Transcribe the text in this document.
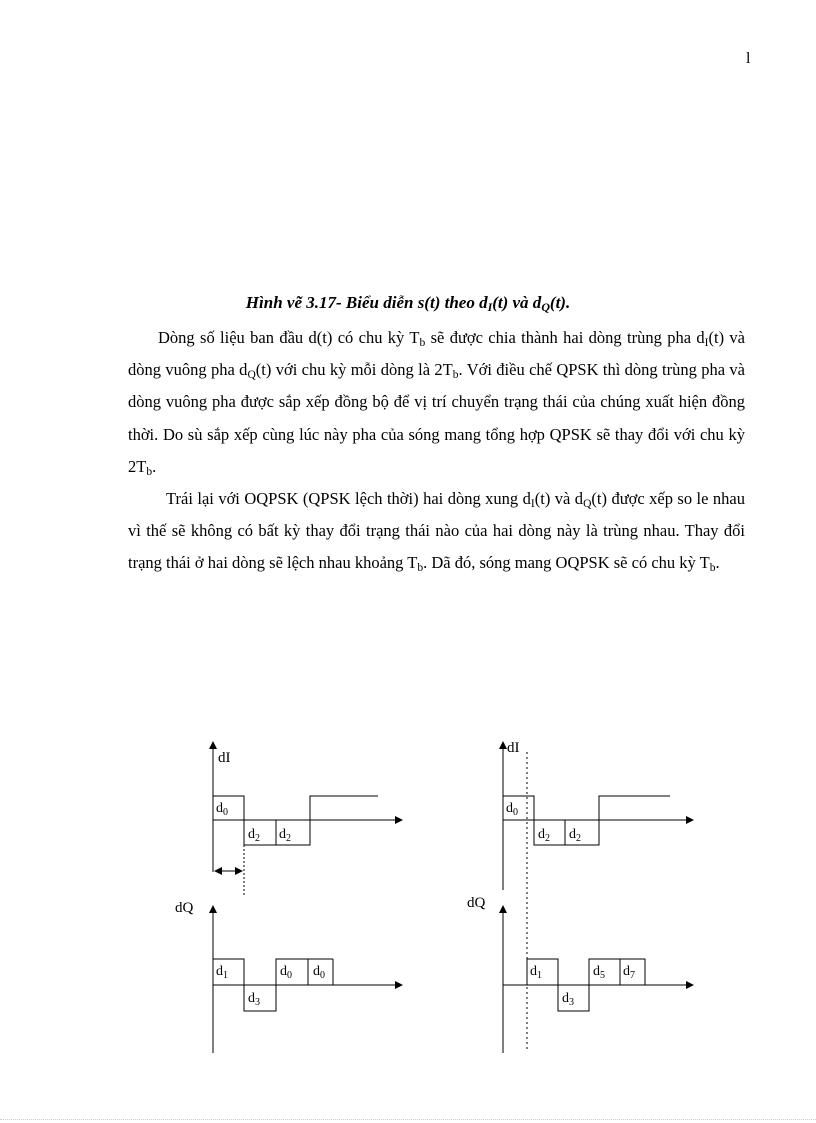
l
Hình vẽ 3.17- Biểu diễn s(t) theo $d_I(t)$ và $d_Q(t)$.

Dòng số liệu ban đầu d(t) có chu kỳ $T_b$ sẽ được chia thành hai dòng trùng pha $d_I(t)$ và dòng vuông pha $d_Q(t)$ với chu kỳ mỗi dòng là $2T_b$. Với điều chế QPSK thì dòng trùng pha và dòng vuông pha được sắp xếp đồng bộ để vị trí chuyển trạng thái của chúng xuất hiện đồng thời. Do sù sắp xếp cùng lúc này pha của sóng mang tổng hợp QPSK sẽ thay đổi với chu kỳ $2T_b$.

Trái lại với OQPSK (QPSK lệch thời) hai dòng xung $d_I(t)$ và $d_Q(t)$ được xếp so le nhau vì thế sẽ không có bất kỳ thay đổi trạng thái nào của hai dòng này là trùng nhau. Thay đổi trạng thái ở hai dòng sẽ lệch nhau khoảng $T_b$. Dã đó, sóng mang OQPSK sẽ có chu kỳ $T_b$.

dI
$d_0$
$d_2$ $d_2$
dQ
$d_1$
$d_3$
$d_0$ $d_0$
dI
$d_0$
$d_2$ $d_2$
dQ
$d_1$
$d_3$
$d_5$ $d_7$
